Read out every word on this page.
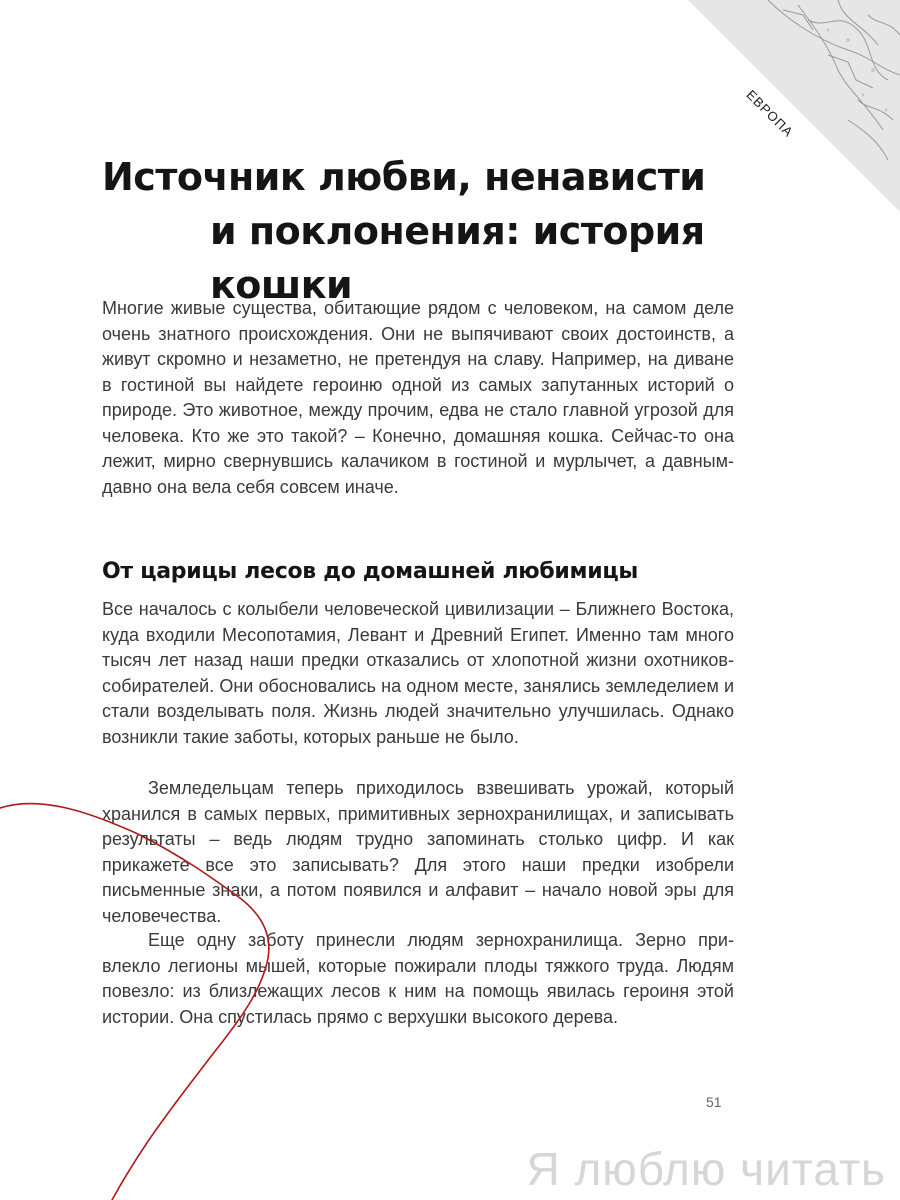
ЕВРОПА
Источник любви, ненависти
и поклонения: история кошки

Многие живые существа, обитающие рядом с человеком, на самом деле очень знатного происхождения. Они не выпячивают своих достоинств, а живут скромно и незаметно, не претендуя на славу. Например, на диване в гостиной вы найдете героиню одной из самых запутанных историй о природе. Это животное, между прочим, едва не стало главной угрозой для человека. Кто же это такой? – Конечно, домашняя кошка. Сейчас-то она лежит, мирно свернувшись калачиком в гостиной и мурлычет, а давным-давно она вела себя совсем иначе.

От царицы лесов до домашней любимицы

Все началось с колыбели человеческой цивилизации – Ближнего Востока, куда входили Месопотамия, Левант и Древний Египет. Именно там много тысяч лет назад наши предки отказались от хлопотной жизни охотников-собирателей. Они обосновались на одном месте, занялись земледелием и стали возделывать поля. Жизнь людей значительно улучшилась. Однако возникли такие заботы, которых раньше не было.

Земледельцам теперь приходилось взвешивать урожай, который хранился в самых первых, примитивных зернохранилищах, и записывать результаты – ведь людям трудно запоминать столько цифр. И как прикажете все это записывать? Для этого наши предки изобрели письменные знаки, а потом появился и алфавит – начало новой эры для человечества.

Еще одну заботу принесли людям зернохранилища. Зерно привлекло легионы мышей, которые пожирали плоды тяжкого труда. Людям повезло: из близлежащих лесов к ним на помощь явилась героиня этой истории. Она спустилась прямо с верхушки высокого дерева.

51
Я люблю читать
